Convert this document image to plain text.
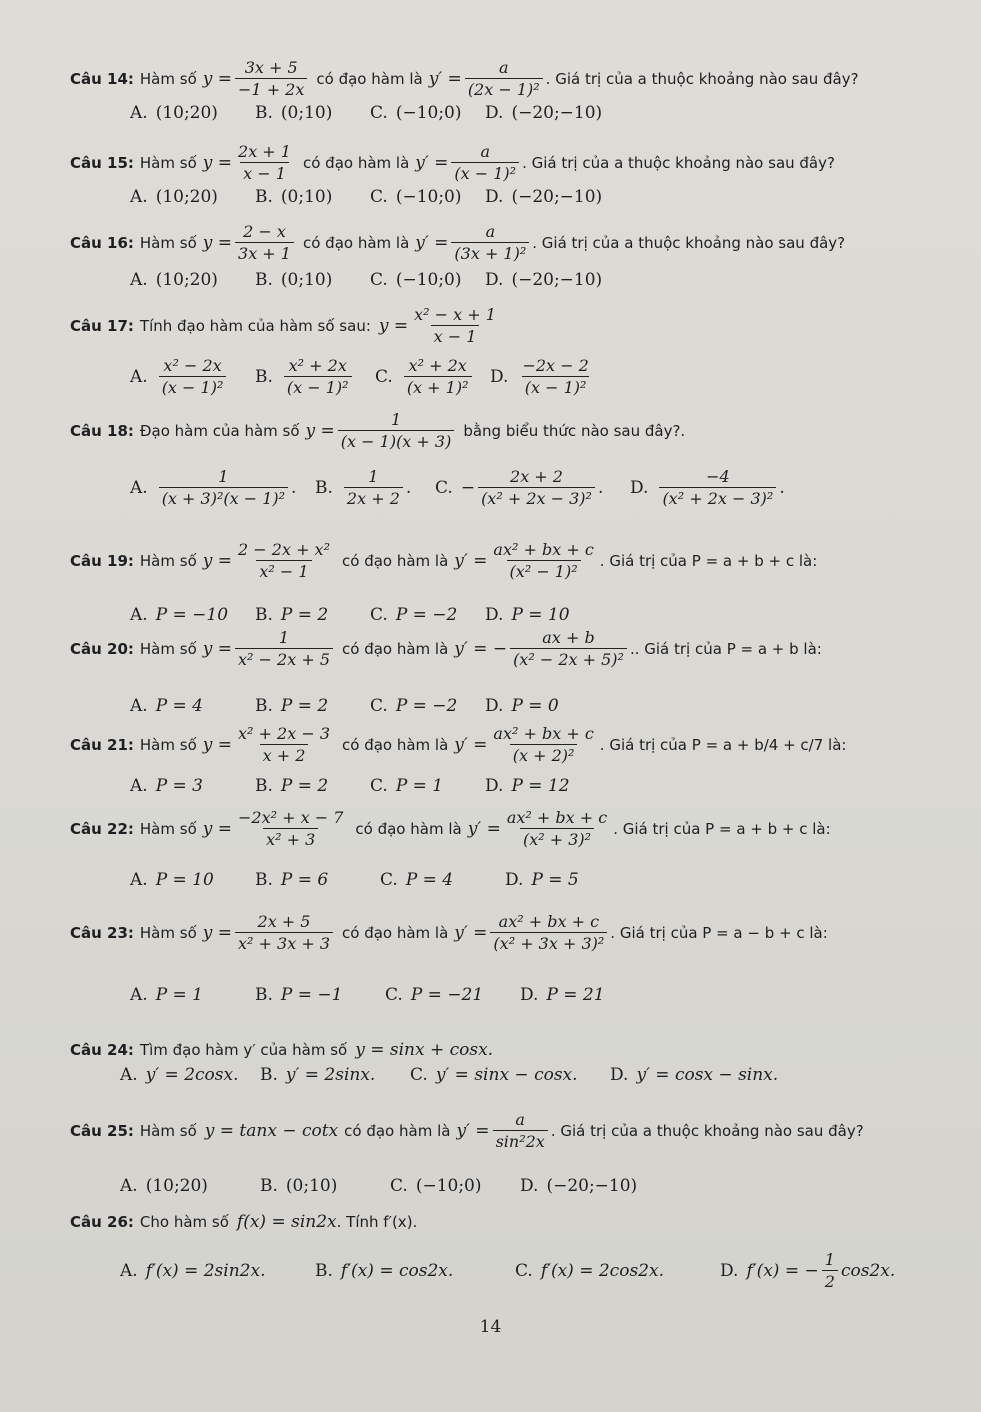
Câu 14: Hàm số $y = \frac{3x + 5}{-1 + 2x}$ có đạo hàm là $y' = \frac{a}{\text{(2x − 1)²}}$ . Giá trị của a thuộc khoảng nào sau đây?
A. (10;20) B. (0;10) C. (−10;0) D. (−20;−10)
Câu 15: Hàm số $y = \frac{2x + 1}{x - 1}$ có đạo hàm là $y' = \frac{a}{\text{(x − 1)²}}$ . Giá trị của a thuộc khoảng nào sau đây?
A. (10;20) B. (0;10) C. (−10;0) D. (−20;−10)
Câu 16: Hàm số $y = \frac{2 - x}{3x + 1}$ có đạo hàm là $y' = \frac{a}{\text{(3x + 1)²}}$ . Giá trị của a thuộc khoảng nào sau đây?
A. (10;20) B. (0;10) C. (−10;0) D. (−20;−10)
Câu 17: Tính đạo hàm của hàm số sau: $y = \frac{\text{x² − x + 1}}{x - 1}$
A. $\frac{\text{x² − 2x}}{\text{(x − 1)²}} B$. $\frac{\text{x² + 2x}}{\text{(x − 1)²}} C$. $\frac{\text{x² + 2x}}{\text{(x + 1)²}} D$. $\frac{-2x - 2}{\text{(x − 1)²}}$
Câu 18: Đạo hàm của hàm số $y = \frac{1}{(x - 1)(x + 3)}$ bằng biểu thức nào sau đây?.
A. $\frac{1}{\text{(x + 3)²(x − 1)²}}$ . B. $\frac{1}{2x + 2}$ . C. − $\frac{2x + 2}{\text{(x² + 2x − 3)²}}$ . D. $\frac{-4}{\text{(x² + 2x − 3)²}}$ .
Câu 19: Hàm số $y = \frac{\text{2 − 2x + x²}}{\text{x² − 1}}$ có đạo hàm là $y' = \frac{\text{ax² + bx + c}}{\text{(x² − 1)²}}$ . Giá trị của P = a + b + c là:
A. P = −10 B. P = 2 C. P = −2 D. P = 10
Câu 20: Hàm số $y = \frac{1}{\text{x² − 2x + 5}}$ có đạo hàm là y′ = − $\frac{ax + b}{\text{(x² − 2x + 5)²}}$ .. Giá trị của P = a + b là:
A. P = 4	B. P = 2 C. P = −2 D. P = 0
Câu 21: Hàm số $y = \frac{\text{x² + 2x − 3}}{x + 2}$ có đạo hàm là $y' = \frac{\text{ax² + bx + c}}{\text{(x + 2)²}}$ . Giá trị của P = a + b/4 + c/7 là:
A. P = 3	B. P = 2 C. P = 1 D. P = 12
Câu 22: Hàm số $y = \frac{\text{−2x² + x − 7}}{\text{x² + 3}}$ có đạo hàm là $y' = \frac{\text{ax² + bx + c}}{\text{(x² + 3)²}}$ . Giá trị của P = a + b + c là:
A. P = 10 B. P = 6	C. P = 4	D. P = 5
Câu 23: Hàm số $y = \frac{2x + 5}{\text{x² + 3x + 3}}$ có đạo hàm là $y' = \frac{\text{ax² + bx + c}}{\text{(x² + 3x + 3)²}}$ . Giá trị của P = a − b + c là:
A. P = 1	B. P = −1	C. P = −21 D. P = 21
Câu 24: Tìm đạo hàm y′ của hàm số y = sinx + cosx.
A. y′ = 2cosx. B. y′ = 2sinx. C. y′ = sinx − cosx. D. y′ = cosx − sinx.
Câu 25: Hàm số y = tanx − cotx có đạo hàm là $y' = \frac{a}{\text{sin²2x}}$ . Giá trị của a thuộc khoảng nào sau đây?
A. (10;20)	B. (0;10)	C. (−10;0) D. (−20;−10)
Câu 26: Cho hàm số f(x) = sin2x . Tính f′(x).
A. f′(x) = 2sin2x.	B. f′(x) = cos2x.	C. f′(x) = 2cos2x.	D. f′(x) = − $\frac{1}{2} \cos 2x$.
14
